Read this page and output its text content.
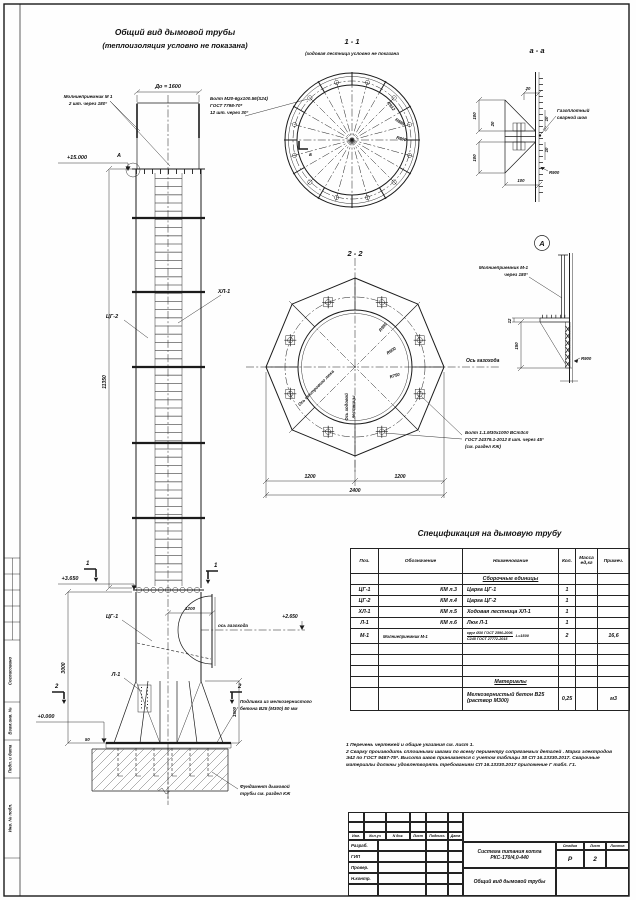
Согласовано
Взам.инв. №
Подп. и дата
Инв. № подл.
Общий вид дымовой трубы
(теплоизоляция условно не показана)
До = 1600
Молниеприемник М 1
2 шт. через 180°
Болт М20-6gх100.56(S24)
ГОСТ 7798-70*
12 шт. через 30°
+15.000	А
ХЛ-1
ЦГ-2
11350
1	1
+3.650
1200
ось газохода
+2.650
ЦГ-1
3000
Л-1
2	2
+0.000	1500
50
Подливка из мелкозернистого
бетона В25 (М300) 50 мм
Фундамент дымовой
трубы см. раздел КЖ
1 - 1
(ходовая лестница условно не показана
R912
R885
R800
а
а - а
100
100
20
20
10
10
100
R900
Газоплотный
сварной шов
2 - 2
Ось смотрового люка
Ось ходовой лестницы
Ось газохода
R950
R900
R750
1200	1200
2400
Болт 1.1.М30х1000 ВСт3сп
ГОСТ 24379.1-2012 8 шт. через 45°
(см. раздел КЖ)
А
Молниеприемник М-1
через 180°
12
150
R900
Спецификация на дымовую трубу
Поз.	Обозначение	Наименование	Кол.	Масса
ед,кг	Примеч.
		Сборочные единицы			
ЦГ-1	КМ л.3	Царга ЦГ-1	1		
ЦГ-2	КМ л.4	Царга ЦГ-2	1		
ХЛ-1	КМ л.5	Ходовая лестница ХЛ-1	1		
Л-1	КМ л.6	Люк Л-1	1		
М-1	Молниеприемник М-1	$\frac{\text{круг Ø30 ГОСТ 2590-2006}}{\text{С245 ГОСТ 27772-2015}} L=1500$	2		16,6

		Материалы			

		Мелкозернистый бетон В25
(раствор М300)	0,25		м3
1 Перечень чертежей и общие указания см. лист 1.
2 Сварку производить сплошными швами по всему периметру сопрягаемых деталей . Марка электродов
Э42 по ГОСТ 9467-75*. Высота швов принимается с учетом таблицы 38 СП 16.13330.2017. Сварочные
материалы должны удовлетворять требованиям СП 16.13330.2017 приложение Г табл. Г1.
Изм.	Кол.уч	N док.	Лист	Подпись	Дата
Разраб.
ГИП
Провер.
Н.контр.
Система питания котла
РКС-170/4,0-440
Стадия	Лист	Листов
Р	2
Общий вид дымовой трубы
